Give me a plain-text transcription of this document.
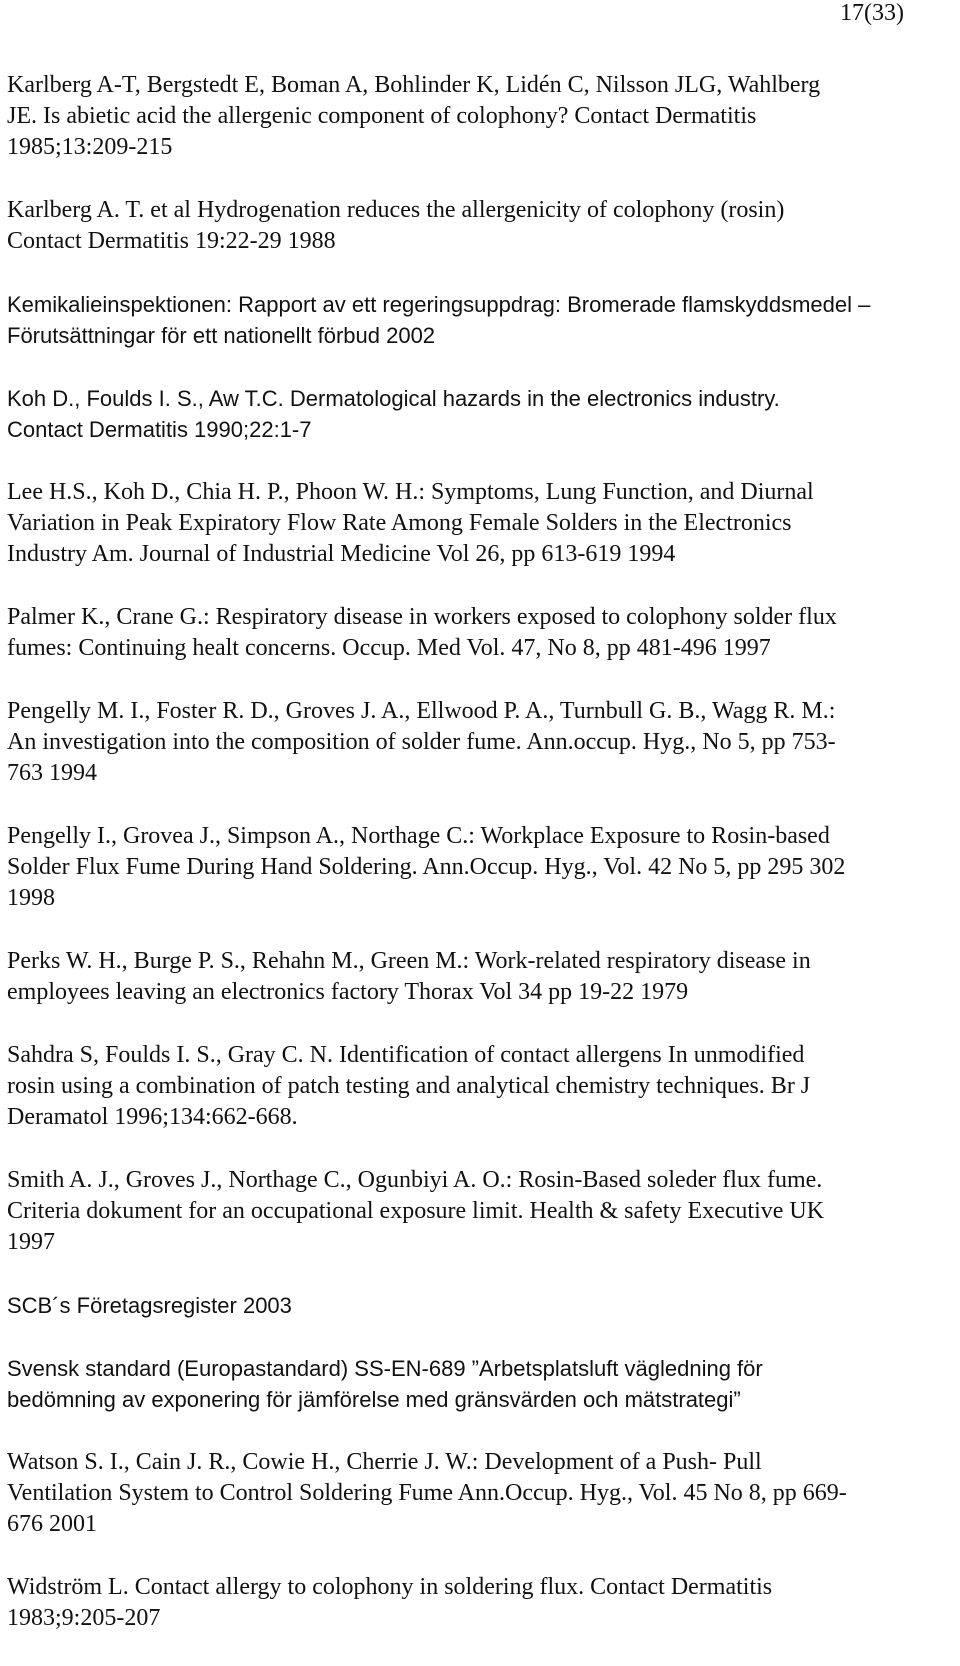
17(33)
Karlberg A-T, Bergstedt E, Boman A, Bohlinder K, Lidén C, Nilsson JLG, Wahlberg
JE. Is abietic acid the allergenic component of colophony? Contact Dermatitis
1985;13:209-215
Karlberg A. T. et al Hydrogenation reduces the allergenicity of colophony (rosin)
Contact Dermatitis 19:22-29 1988
Kemikalieinspektionen: Rapport av ett regeringsuppdrag: Bromerade flamskyddsmedel –
Förutsättningar för ett nationellt förbud 2002
Koh D., Foulds I. S., Aw T.C. Dermatological hazards in the electronics industry.
Contact Dermatitis 1990;22:1-7
Lee H.S., Koh D., Chia H. P., Phoon W. H.: Symptoms, Lung Function, and Diurnal
Variation in Peak Expiratory Flow Rate Among Female Solders in the Electronics
Industry Am. Journal of Industrial Medicine Vol 26, pp 613-619 1994
Palmer K., Crane G.: Respiratory disease in workers exposed to colophony solder flux
fumes: Continuing healt concerns. Occup. Med Vol. 47, No 8, pp 481-496 1997
Pengelly M. I., Foster R. D., Groves J. A., Ellwood P. A., Turnbull G. B., Wagg R. M.:
An investigation into the composition of solder fume. Ann.occup. Hyg., No 5, pp 753-
763 1994
Pengelly I., Grovea J., Simpson A., Northage C.: Workplace Exposure to Rosin-based
Solder Flux Fume During Hand Soldering. Ann.Occup. Hyg., Vol. 42 No 5, pp 295 302
1998
Perks W. H., Burge P. S., Rehahn M., Green M.: Work-related respiratory disease in
employees leaving an electronics factory Thorax Vol 34 pp 19-22 1979
Sahdra S, Foulds I. S., Gray C. N. Identification of contact allergens In unmodified
rosin using a combination of patch testing and analytical chemistry techniques. Br J
Deramatol 1996;134:662-668.
Smith A. J., Groves J., Northage C., Ogunbiyi A. O.: Rosin-Based soleder flux fume.
Criteria dokument for an occupational exposure limit. Health & safety Executive UK
1997
SCB´s Företagsregister 2003
Svensk standard (Europastandard) SS-EN-689 ”Arbetsplatsluft vägledning för
bedömning av exponering för jämförelse med gränsvärden och mätstrategi”
Watson S. I., Cain J. R., Cowie H., Cherrie J. W.: Development of a Push- Pull
Ventilation System to Control Soldering Fume Ann.Occup. Hyg., Vol. 45 No 8, pp 669-
676 2001
Widström L. Contact allergy to colophony in soldering flux. Contact Dermatitis
1983;9:205-207
